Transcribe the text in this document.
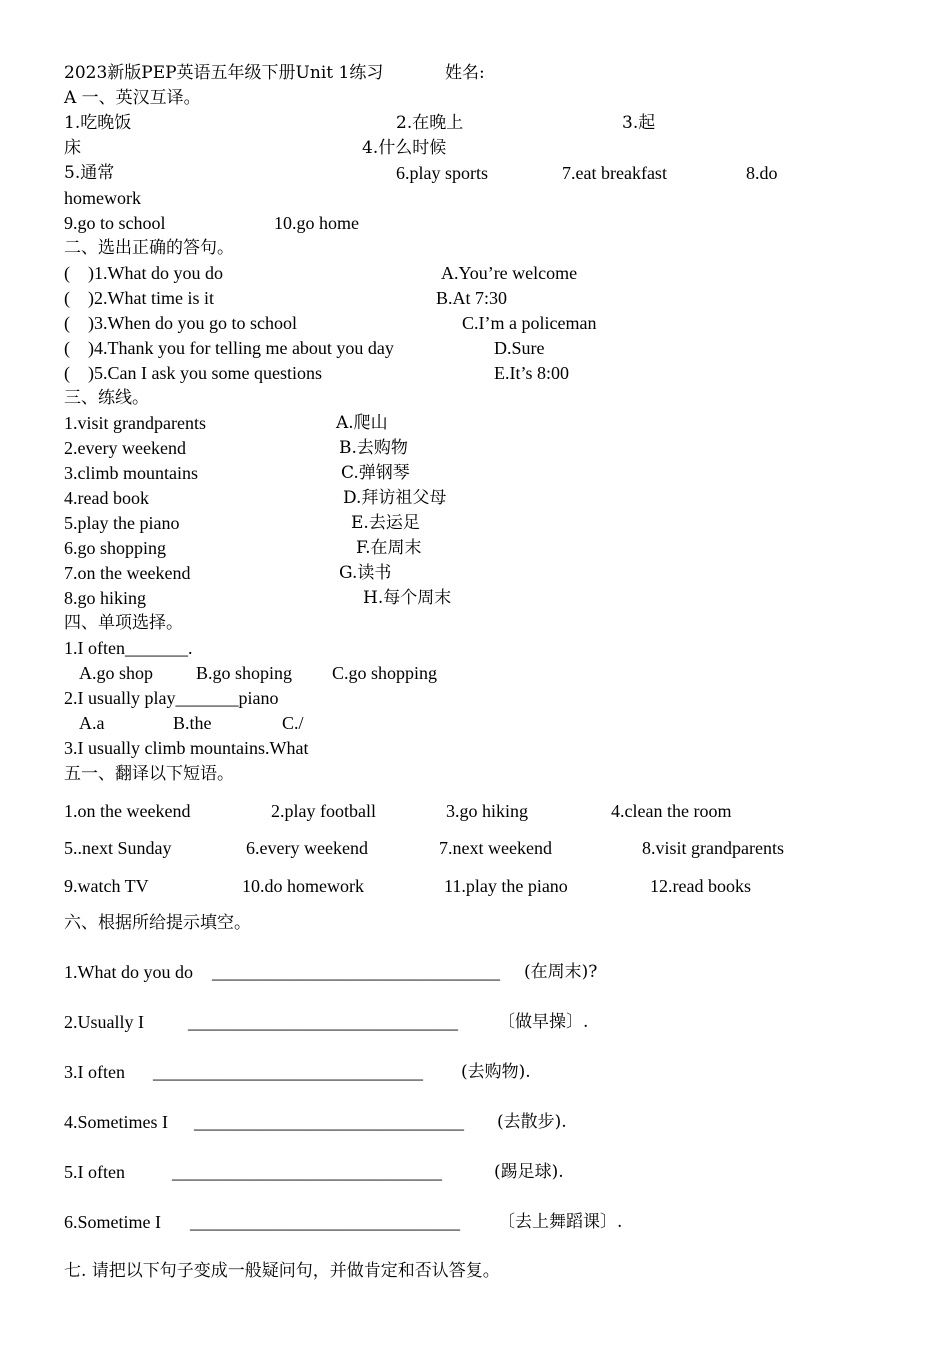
2023新版PEP英语五年级下册Unit 1练习	姓名:
A 一、英汉互译。
1.吃晚饭	2.在晚上	3.起
床	4.什么时候
5.通常	6.play sports	7.eat breakfast	8.do
homework
9.go to school	10.go home
二、选出正确的答句。
(    )1.What do you do	A.You’re welcome
(    )2.What time is it	B.At 7:30
(    )3.When do you go to school	C.I’m a policeman
(    )4.Thank you for telling me about you day	D.Sure
(    )5.Can I ask you some questions	E.It’s 8:00
三、练线。
1.visit grandparents	A.爬山
2.every weekend	B.去购物
3.climb mountains	C.弹钢琴
4.read book	D.拜访祖父母
5.play the piano	E.去运足
6.go shopping	F.在周末
7.on the weekend	G.读书
8.go hiking	H.每个周末
四、单项选择。
1.I often_______.
A.go shop B.go shoping C.go shopping
2.I usually play_______piano
A.a	B.the	C./
3.I usually climb mountains.What
五一、翻译以下短语。
1.on the weekend	2.play football	3.go hiking	4.clean the room
5..next Sunday	6.every weekend	7.next weekend	8.visit grandparents
9.watch TV	10.do homework	11.play the piano	12.read books
六、根据所给提示填空。
1.What do you do ________________________________ (在周末)?
2.Usually I ______________________________ 〔做早操〕.
3.I often ______________________________ (去购物).
4.Sometimes I ______________________________ (去散步).
5.I often	______________________________	(踢足球).
6.Sometime I ______________________________ 〔去上舞蹈课〕.
七. 请把以下句子变成一般疑问句，并做肯定和否认答复。
